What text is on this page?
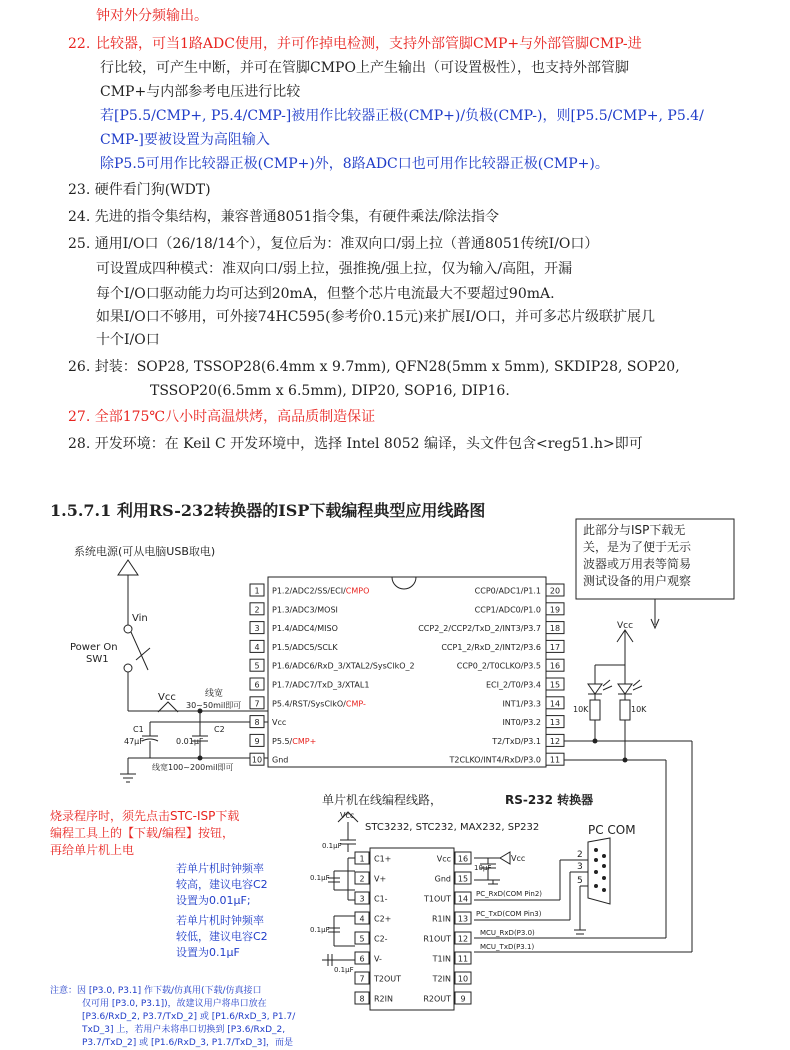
钟对外分频输出。
22. 比较器，可当1路ADC使用，并可作掉电检测，支持外部管脚CMP+与外部管脚CMP-进
行比较，可产生中断，并可在管脚CMPO上产生输出（可设置极性），也支持外部管脚
CMP+与内部参考电压进行比较
若[P5.5/CMP+, P5.4/CMP-]被用作比较器正极(CMP+)/负极(CMP-)，则[P5.5/CMP+, P5.4/
CMP-]要被设置为高阻输入
除P5.5可用作比较器正极(CMP+)外，8路ADC口也可用作比较器正极(CMP+)。
23. 硬件看门狗(WDT)
24. 先进的指令集结构，兼容普通8051指令集，有硬件乘法/除法指令
25. 通用I/O口（26/18/14个），复位后为：准双向口/弱上拉（普通8051传统I/O口）
可设置成四种模式：准双向口/弱上拉，强推挽/强上拉，仅为输入/高阻，开漏
每个I/O口驱动能力均可达到20mA，但整个芯片电流最大不要超过90mA.
如果I/O口不够用，可外接74HC595(参考价0.15元)来扩展I/O口，并可多芯片级联扩展几
十个I/O口
26. 封装：SOP28, TSSOP28(6.4mm x 9.7mm), QFN28(5mm x 5mm), SKDIP28, SOP20,
TSSOP20(6.5mm x 6.5mm), DIP20, SOP16, DIP16.
27. 全部175℃八小时高温烘烤，高品质制造保证
28. 开发环境：在 Keil C 开发环境中，选择 Intel 8052 编译，头文件包含<reg51.h>即可
1.5.7.1 利用RS-232转换器的ISP下载编程典型应用线路图
1 P1.2/ADC2/SS/ECI/CMPO
2 P1.3/ADC3/MOSI
3 P1.4/ADC4/MISO
4 P1.5/ADC5/SCLK
5 P1.6/ADC6/RxD_3/XTAL2/SysClkO_2
6 P1.7/ADC7/TxD_3/XTAL1
7 P5.4/RST/SysClkO/CMP-
8 Vcc
9 P5.5/CMP+
10 Gnd
20
CCP0/ADC1/P1.1
19
CCP1/ADC0/P1.0
18
CCP2_2/CCP2/TxD_2/INT3/P3.7
17
CCP1_2/RxD_2/INT2/P3.6
16
CCP0_2/T0CLKO/P3.5
15
ECI_2/T0/P3.4
14
INT1/P3.3
13
INT0/P3.2
12
T2/TxD/P3.1
11
T2CLKO/INT4/RxD/P3.0
1 C1+
2 V+
3 C1-
4 C2+
5 C2-
6 V-
7 T2OUT
8 R2IN
16
Vcc
15
Gnd
14
T1OUT
13
R1IN
12
R1OUT
11
T1IN
10
T2IN
9
R2OUT
系统电源(可从电脑USB取电)
Vin
Power On
SW1
Vcc	线宽
30~50mil即可
C1
47μF
C2
0.01μF
线宽100~200mil即可
此部分与ISP下载无
关，是为了便于无示
波器或万用表等简易
测试设备的用户观察
Vcc
10K	10K
烧录程序时，须先点击STC-ISP下载
编程工具上的【下载/编程】按钮，
再给单片机上电
单片机在线编程线路，	RS-232 转换器
STC3232, STC232, MAX232, SP232	PC COM
Vcc
若单片机时钟频率
较高，建议电容C2
设置为0.01μF;
若单片机时钟频率
较低，建议电容C2
设置为0.1μF
0.1μF
0.1μF
0.1μF
0.1μF
10μF
Vcc
PC_RxD(COM Pin2)
PC_TxD(COM Pin3)
MCU_RxD(P3.0)
MCU_TxD(P3.1)
2
3
5
注意：因 [P3.0, P3.1] 作下载/仿真用(下载/仿真接口
仅可用 [P3.0, P3.1])，故建议用户将串口放在
[P3.6/RxD_2, P3.7/TxD_2] 或 [P1.6/RxD_3, P1.7/
TxD_3] 上，若用户未将串口切换到 [P3.6/RxD_2,
P3.7/TxD_2] 或 [P1.6/RxD_3, P1.7/TxD_3]，而是
